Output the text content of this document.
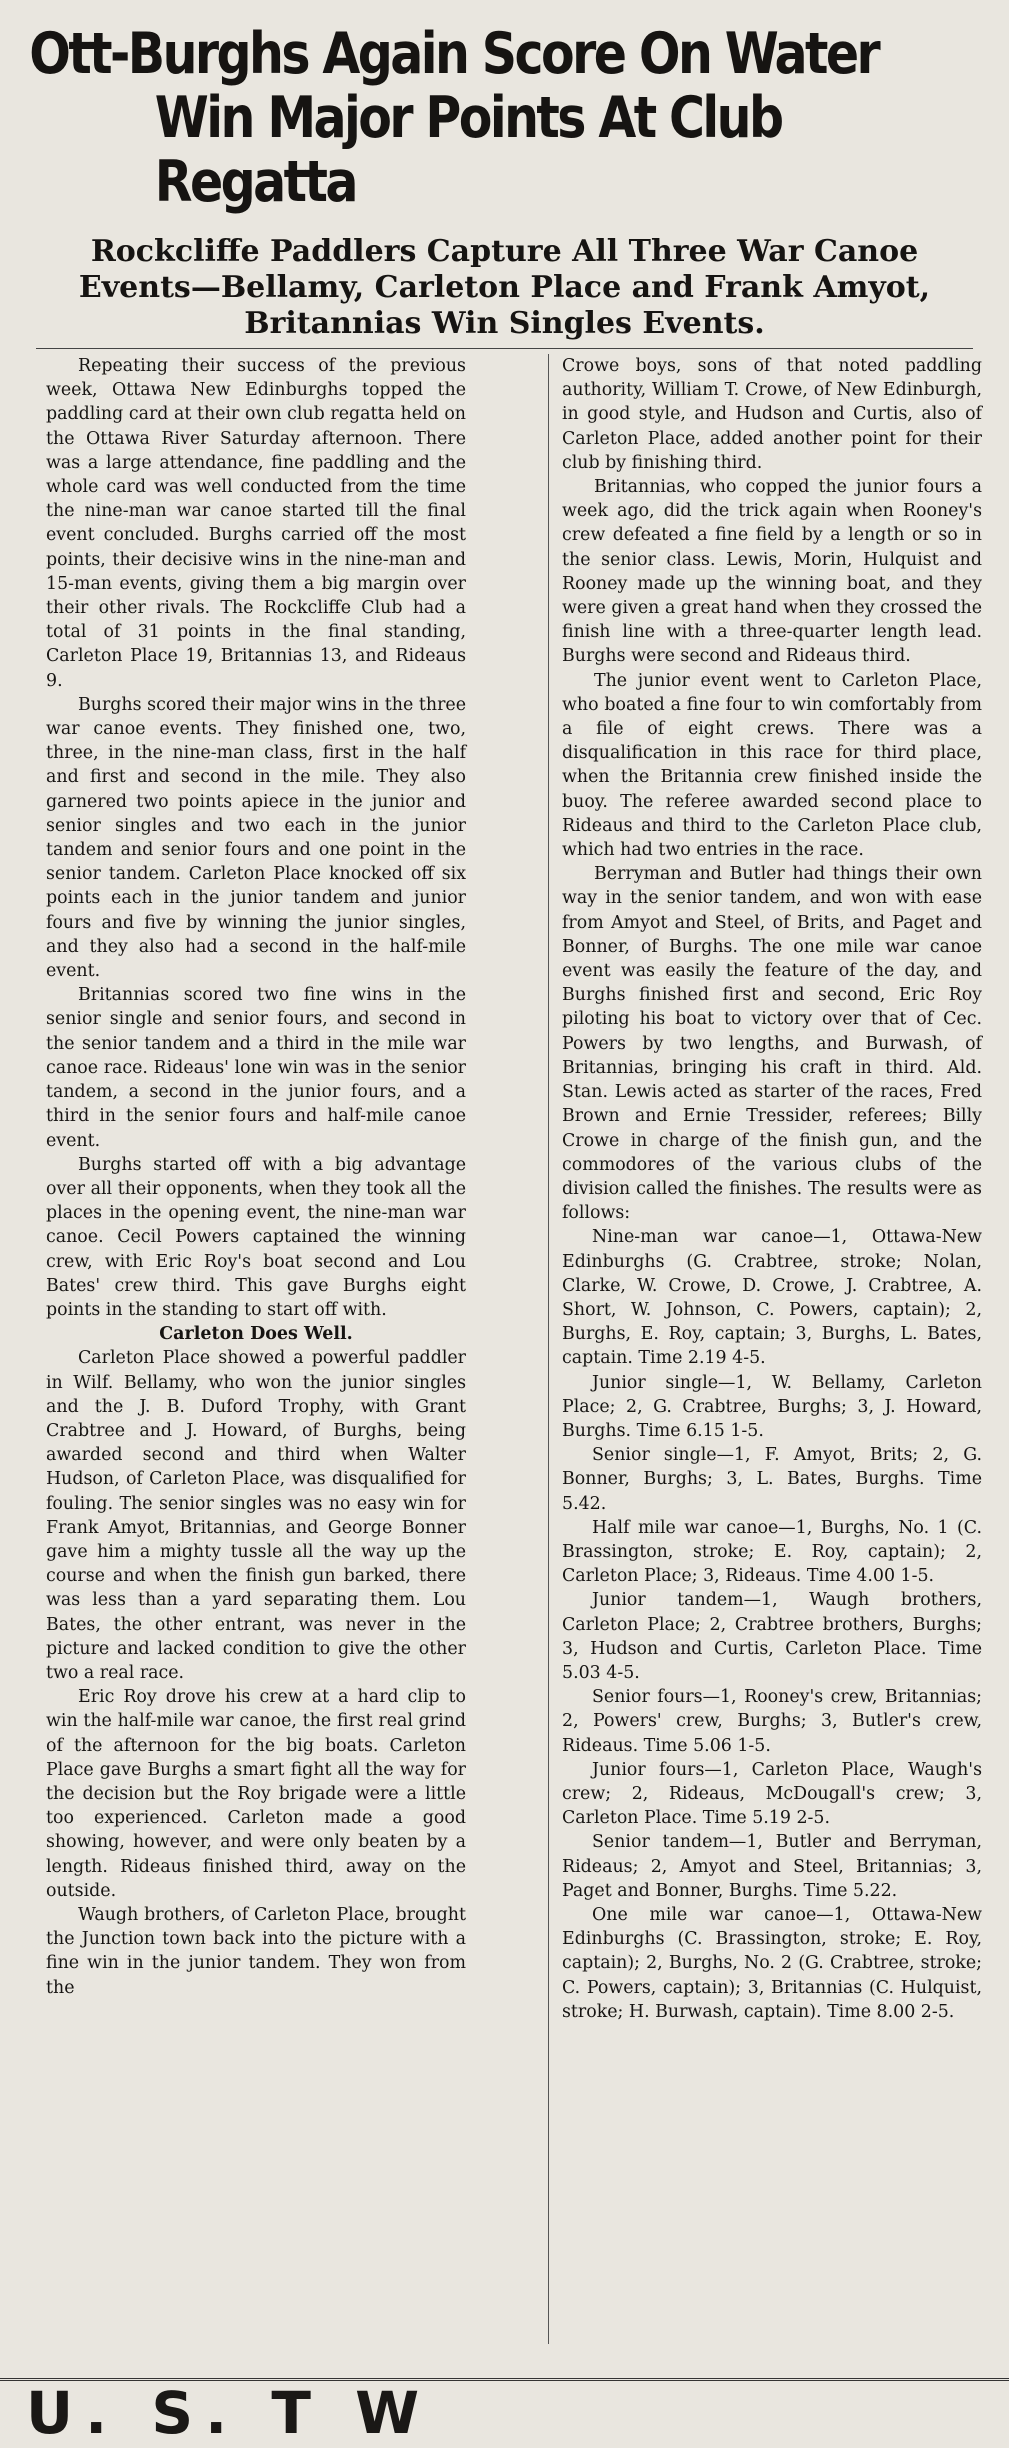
Ott-Burghs Again Score On Water
Win Major Points At Club Regatta
Rockcliffe Paddlers Capture All Three War Canoe
Events—Bellamy, Carleton Place and Frank Amyot,
Britannias Win Singles Events.

Repeating their success of the previous week, Ottawa New Edinburghs topped the paddling card at their own club regatta held on the Ottawa River Saturday afternoon. There was a large attendance, fine paddling and the whole card was well conducted from the time the nine-man war canoe started till the final event concluded. Burghs carried off the most points, their decisive wins in the nine-man and 15-man events, giving them a big margin over their other rivals. The Rockcliffe Club had a total of 31 points in the final standing, Carleton Place 19, Britannias 13, and Rideaus 9.

Burghs scored their major wins in the three war canoe events. They finished one, two, three, in the nine-man class, first in the half and first and second in the mile. They also garnered two points apiece in the junior and senior singles and two each in the junior tandem and senior fours and one point in the senior tandem. Carleton Place knocked off six points each in the junior tandem and junior fours and five by winning the junior singles, and they also had a second in the half-mile event.

Britannias scored two fine wins in the senior single and senior fours, and second in the senior tandem and a third in the mile war canoe race. Rideaus' lone win was in the senior tandem, a second in the junior fours, and a third in the senior fours and half-mile canoe event.

Burghs started off with a big advantage over all their opponents, when they took all the places in the opening event, the nine-man war canoe. Cecil Powers captained the winning crew, with Eric Roy's boat second and Lou Bates' crew third. This gave Burghs eight points in the standing to start off with.

Carleton Does Well.

Carleton Place showed a powerful paddler in Wilf. Bellamy, who won the junior singles and the J. B. Duford Trophy, with Grant Crabtree and J. Howard, of Burghs, being awarded second and third when Walter Hudson, of Carleton Place, was disqualified for fouling. The senior singles was no easy win for Frank Amyot, Britannias, and George Bonner gave him a mighty tussle all the way up the course and when the finish gun barked, there was less than a yard separating them. Lou Bates, the other entrant, was never in the picture and lacked condition to give the other two a real race.

Eric Roy drove his crew at a hard clip to win the half-mile war canoe, the first real grind of the afternoon for the big boats. Carleton Place gave Burghs a smart fight all the way for the decision but the Roy brigade were a little too experienced. Carleton made a good showing, however, and were only beaten by a length. Rideaus finished third, away on the outside.

Waugh brothers, of Carleton Place, brought the Junction town back into the picture with a fine win in the junior tandem. They won from the

Crowe boys, sons of that noted paddling authority, William T. Crowe, of New Edinburgh, in good style, and Hudson and Curtis, also of Carleton Place, added another point for their club by finishing third.

Britannias, who copped the junior fours a week ago, did the trick again when Rooney's crew defeated a fine field by a length or so in the senior class. Lewis, Morin, Hulquist and Rooney made up the winning boat, and they were given a great hand when they crossed the finish line with a three-quarter length lead. Burghs were second and Rideaus third.

The junior event went to Carleton Place, who boated a fine four to win comfortably from a file of eight crews. There was a disqualification in this race for third place, when the Britannia crew finished inside the buoy. The referee awarded second place to Rideaus and third to the Carleton Place club, which had two entries in the race.

Berryman and Butler had things their own way in the senior tandem, and won with ease from Amyot and Steel, of Brits, and Paget and Bonner, of Burghs. The one mile war canoe event was easily the feature of the day, and Burghs finished first and second, Eric Roy piloting his boat to victory over that of Cec. Powers by two lengths, and Burwash, of Britannias, bringing his craft in third. Ald. Stan. Lewis acted as starter of the races, Fred Brown and Ernie Tressider, referees; Billy Crowe in charge of the finish gun, and the commodores of the various clubs of the division called the finishes. The results were as follows:

Nine-man war canoe—1, Ottawa-New Edinburghs (G. Crabtree, stroke; Nolan, Clarke, W. Crowe, D. Crowe, J. Crabtree, A. Short, W. Johnson, C. Powers, captain); 2, Burghs, E. Roy, captain; 3, Burghs, L. Bates, captain. Time 2.19 4-5.

Junior single—1, W. Bellamy, Carleton Place; 2, G. Crabtree, Burghs; 3, J. Howard, Burghs. Time 6.15 1-5.

Senior single—1, F. Amyot, Brits; 2, G. Bonner, Burghs; 3, L. Bates, Burghs. Time 5.42.

Half mile war canoe—1, Burghs, No. 1 (C. Brassington, stroke; E. Roy, captain); 2, Carleton Place; 3, Rideaus. Time 4.00 1-5.

Junior tandem—1, Waugh brothers, Carleton Place; 2, Crabtree brothers, Burghs; 3, Hudson and Curtis, Carleton Place. Time 5.03 4-5.

Senior fours—1, Rooney's crew, Britannias; 2, Powers' crew, Burghs; 3, Butler's crew, Rideaus. Time 5.06 1-5.

Junior fours—1, Carleton Place, Waugh's crew; 2, Rideaus, McDougall's crew; 3, Carleton Place. Time 5.19 2-5.

Senior tandem—1, Butler and Berryman, Rideaus; 2, Amyot and Steel, Britannias; 3, Paget and Bonner, Burghs. Time 5.22.

One mile war canoe—1, Ottawa-New Edinburghs (C. Brassington, stroke; E. Roy, captain); 2, Burghs, No. 2 (G. Crabtree, stroke; C. Powers, captain); 3, Britannias (C. Hulquist, stroke; H. Burwash, captain). Time 8.00 2-5.

U. S. T W
